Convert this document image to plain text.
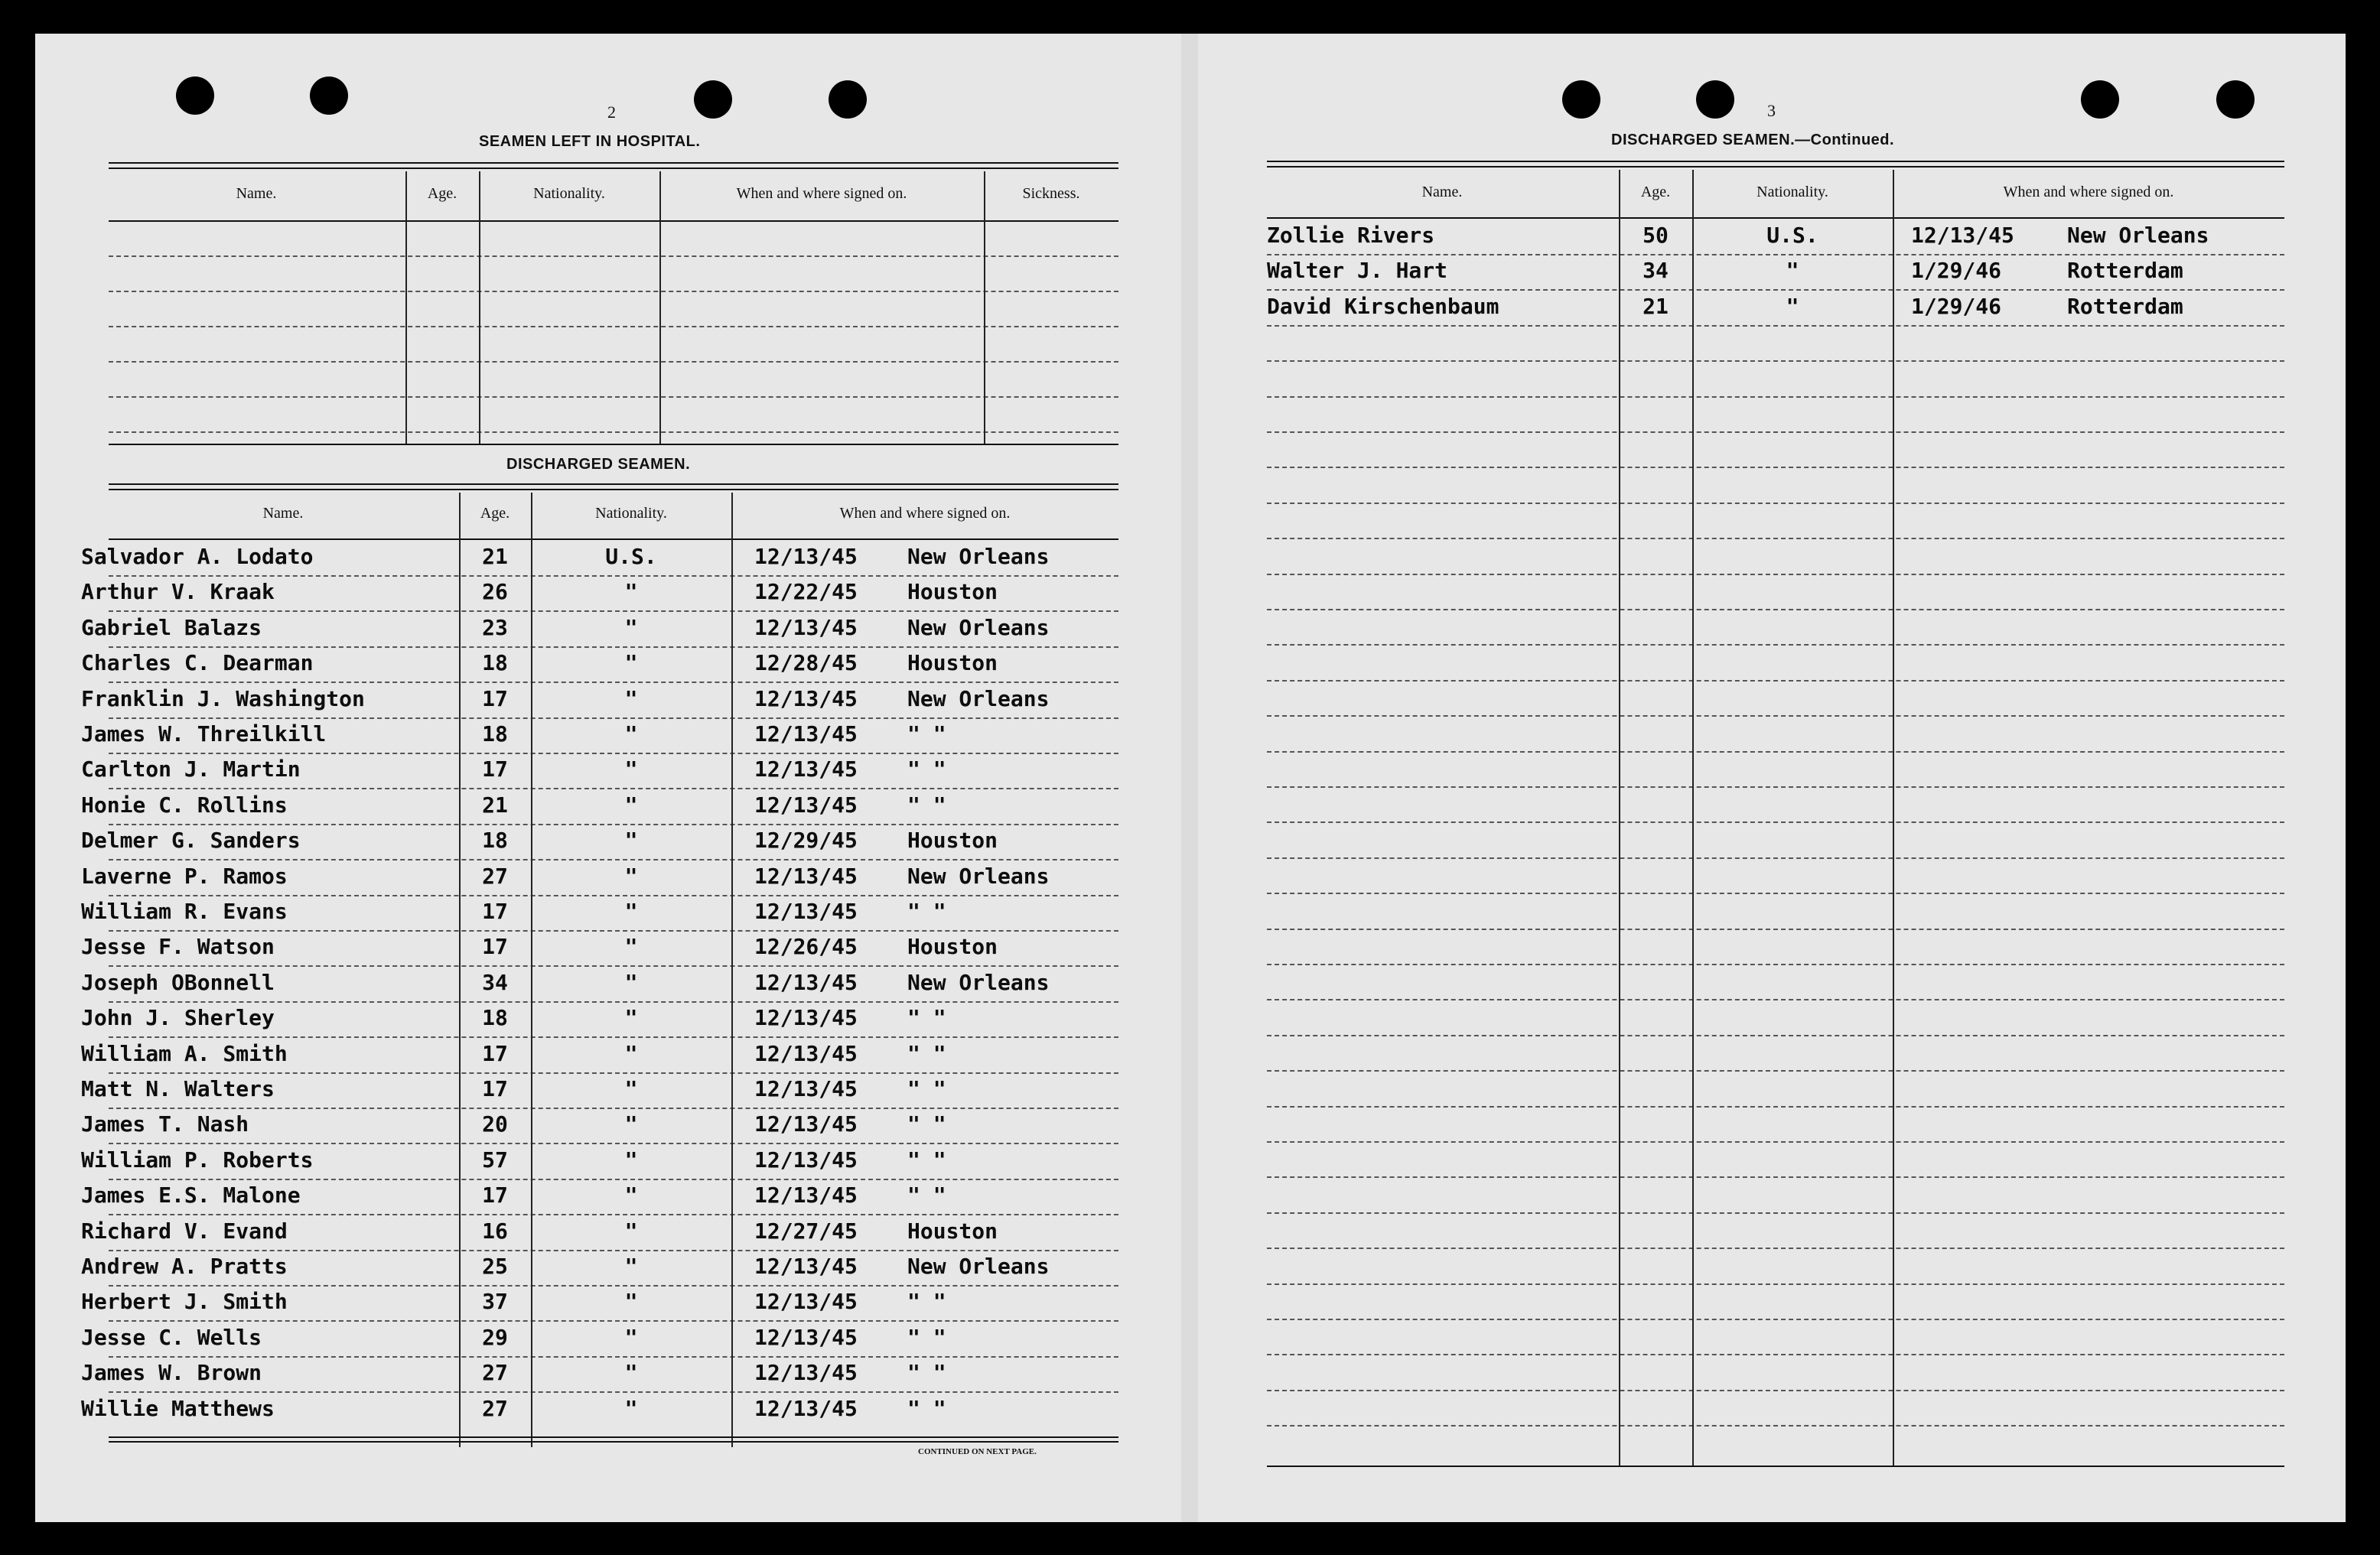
2
SEAMEN LEFT IN HOSPITAL.
Name.	Age.	Nationality.	When and where signed on.	Sickness.
DISCHARGED SEAMEN.
Name.	Age.	Nationality.	When and where signed on.
Salvador A. Lodato	21	U.S.	12/13/45 New Orleans
Arthur V. Kraak	26	"	12/22/45 Houston
Gabriel Balazs	23	"	12/13/45 New Orleans
Charles C. Dearman	18	"	12/28/45 Houston
Franklin J. Washington	17	"	12/13/45 New Orleans
James W. Threilkill	18	"	12/13/45 " "
Carlton J. Martin	17	"	12/13/45 " "
Honie C. Rollins	21	"	12/13/45 " "
Delmer G. Sanders	18	"	12/29/45 Houston
Laverne P. Ramos	27	"	12/13/45 New Orleans
William R. Evans	17	"	12/13/45 " "
Jesse F. Watson	17	"	12/26/45 Houston
Joseph OBonnell	34	"	12/13/45 New Orleans
John J. Sherley	18	"	12/13/45 " "
William A. Smith	17	"	12/13/45 " "
Matt N. Walters	17	"	12/13/45 " "
James T. Nash	20	"	12/13/45 " "
William P. Roberts	57	"	12/13/45 " "
James E.S. Malone	17	"	12/13/45 " "
Richard V. Evand	16	"	12/27/45 Houston
Andrew A. Pratts	25	"	12/13/45 New Orleans
Herbert J. Smith	37	"	12/13/45 " "
Jesse C. Wells	29	"	12/13/45 " "
James W. Brown	27	"	12/13/45 " "
Willie Matthews	27	"	12/13/45 " "
CONTINUED ON NEXT PAGE.
3
DISCHARGED SEAMEN.—Continued.
Name.	Age.	Nationality.	When and where signed on.
Zollie Rivers	50	U.S.	12/13/45 New Orleans
Walter J. Hart	34	"	1/29/46	Rotterdam
David Kirschenbaum	21	"	1/29/46	Rotterdam
